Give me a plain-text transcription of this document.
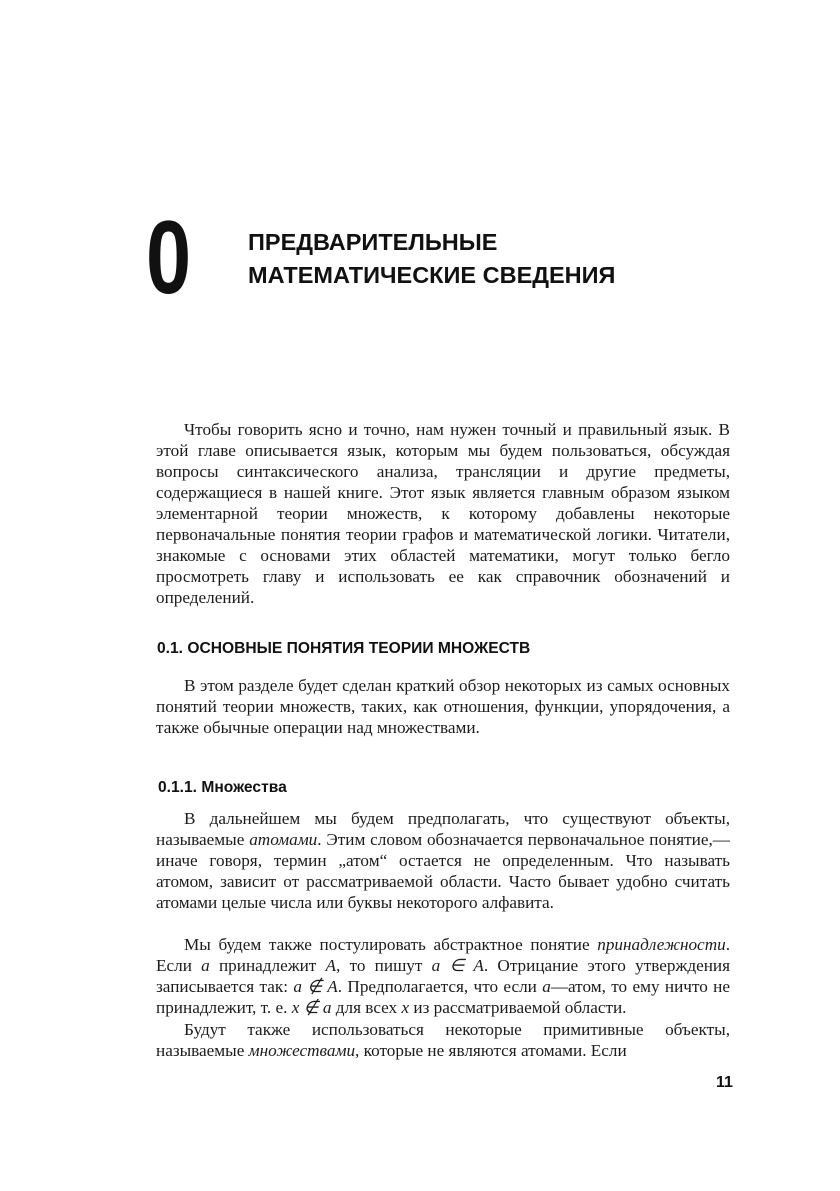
0 ПРЕДВАРИТЕЛЬНЫЕ
МАТЕМАТИЧЕСКИЕ СВЕДЕНИЯ

Чтобы говорить ясно и точно, нам нужен точный и правильный язык. В этой главе описывается язык, которым мы будем пользоваться, обсуждая вопросы синтаксического анализа, трансляции и другие предметы, содержащиеся в нашей книге. Этот язык является главным образом языком элементарной теории множеств, к которому добавлены некоторые первоначальные понятия теории графов и математической логики. Читатели, знакомые с основами этих областей математики, могут только бегло просмотреть главу и использовать ее как справочник обозначений и определений.

0.1. ОСНОВНЫЕ ПОНЯТИЯ ТЕОРИИ МНОЖЕСТВ

В этом разделе будет сделан краткий обзор некоторых из самых основных понятий теории множеств, таких, как отношения, функции, упорядочения, а также обычные операции над множествами.

0.1.1. Множества

В дальнейшем мы будем предполагать, что существуют объекты, называемые атомами. Этим словом обозначается первоначальное понятие,— иначе говоря, термин „атом“ остается не определенным. Что называть атомом, зависит от рассматриваемой области. Часто бывает удобно считать атомами целые числа или буквы некоторого алфавита.

Мы будем также постулировать абстрактное понятие принадлежности. Если a принадлежит A, то пишут a ∈ A. Отрицание этого утверждения записывается так: a ∉ A. Предполагается, что если a—атом, то ему ничто не принадлежит, т. е. x ∉ a для всех x из рассматриваемой области.

Будут также использоваться некоторые примитивные объекты, называемые множествами, которые не являются атомами. Если

11
